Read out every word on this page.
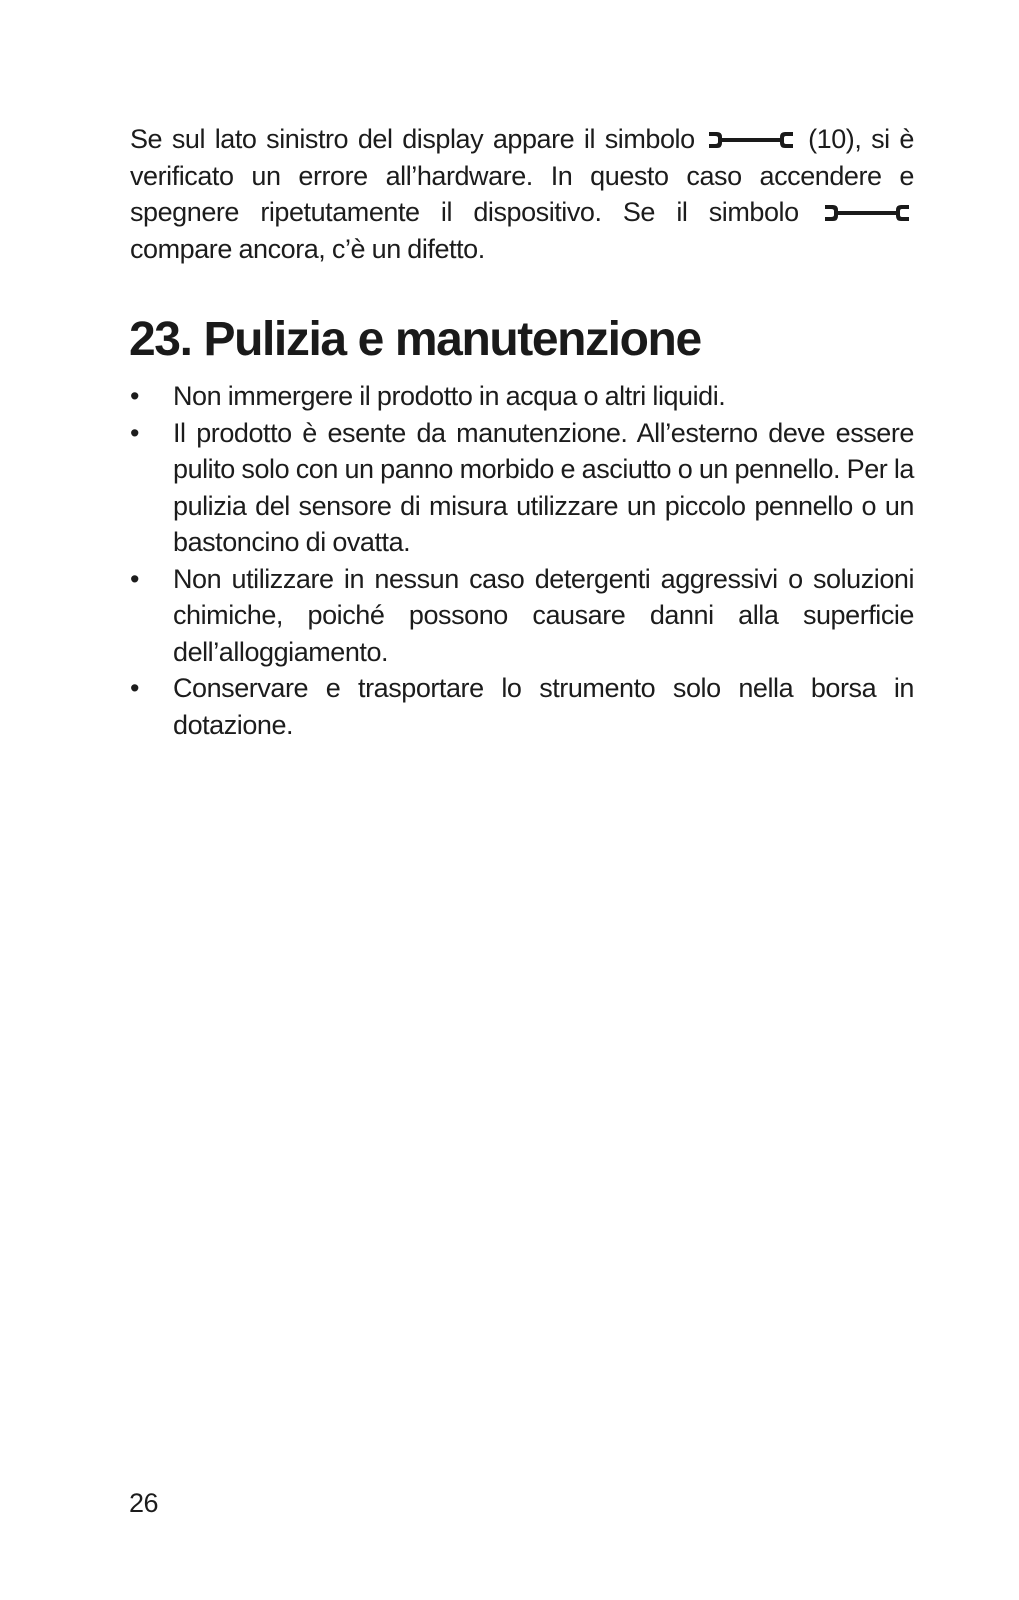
Se sul lato sinistro del display appare il simbolo	(10), si è verificato un errore all’hardware. In questo caso accendere e spegnere ripetutamente il dispositivo. Se il simbolo
compare ancora, c’è un difetto.

23. Pulizia e manutenzione
• Non immergere il prodotto in acqua o altri liquidi.
• Il prodotto è esente da manutenzione. All’esterno deve essere pulito solo con un panno morbido e asciutto o un pennello. Per la pulizia del sensore di misura utilizzare un piccolo pennello o un bastoncino di ovatta.
• Non utilizzare in nessun caso detergenti aggressivi o soluzioni chimiche, poiché possono causare danni alla superficie dell’alloggiamento.
• Conservare e trasportare lo strumento solo nella borsa in dotazione.
26
